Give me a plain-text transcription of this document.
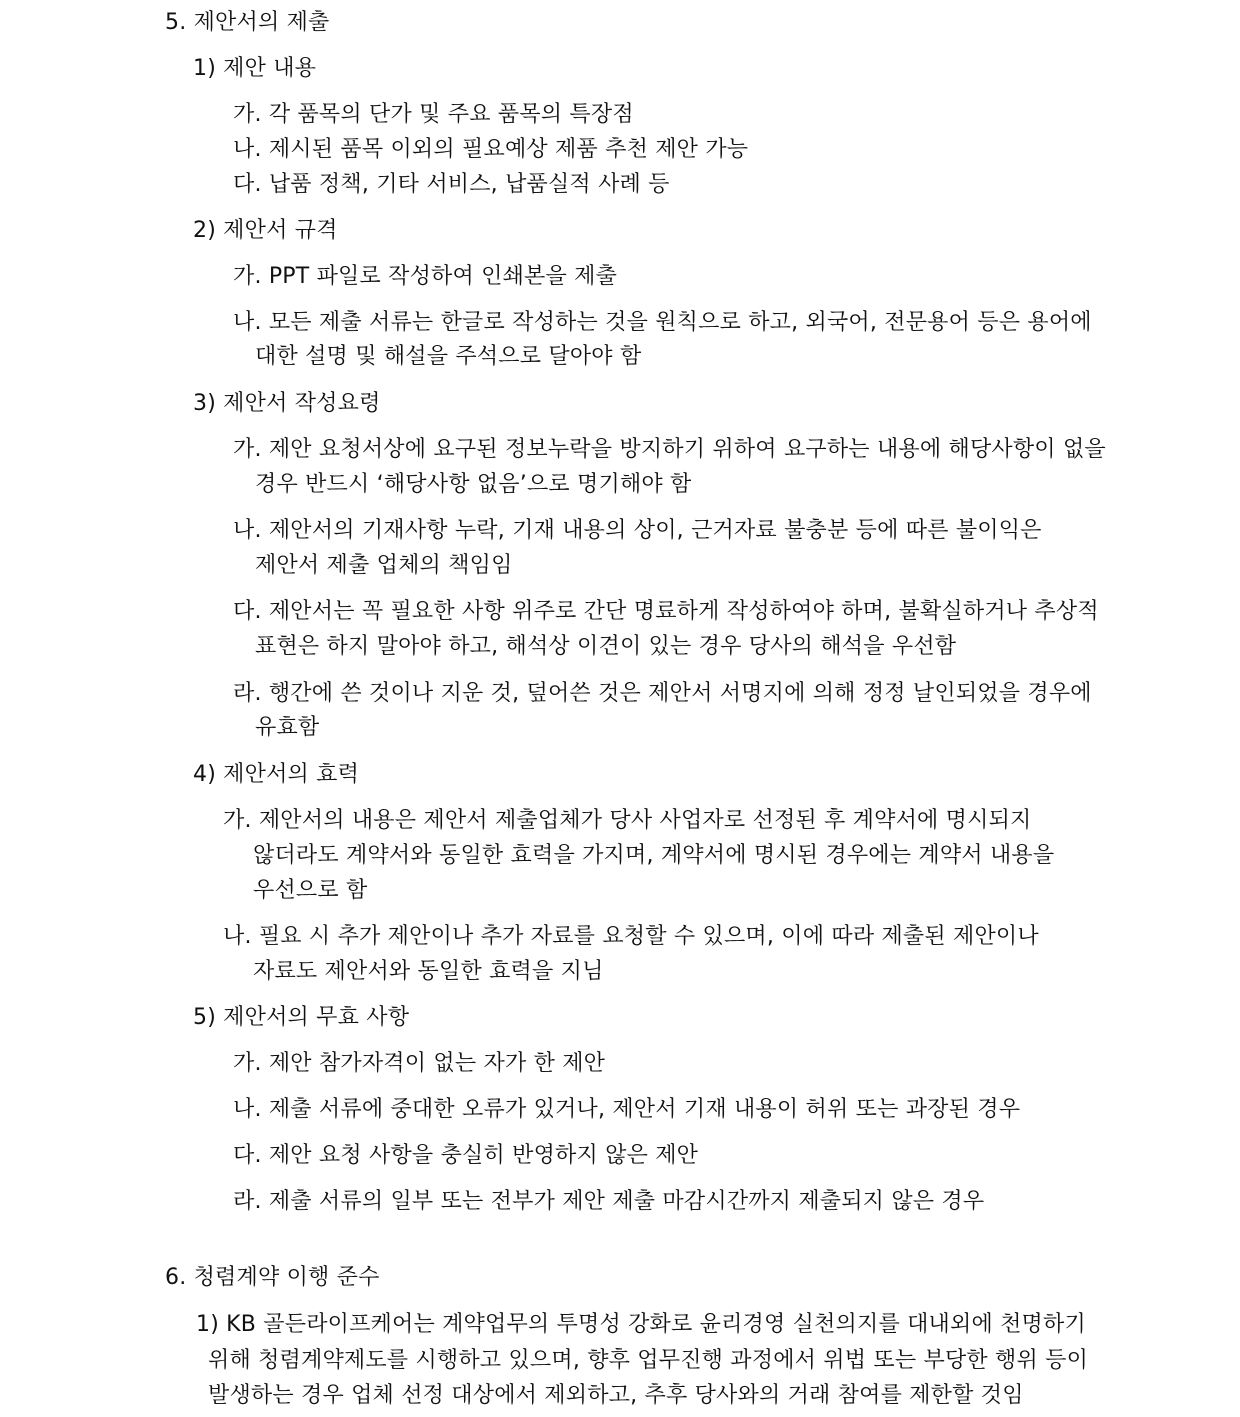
5. 제안서의 제출
1) 제안 내용
가. 각 품목의 단가 및 주요 품목의 특장점
나. 제시된 품목 이외의 필요예상 제품 추천 제안 가능
다. 납품 정책, 기타 서비스, 납품실적 사례 등
2) 제안서 규격
가. PPT 파일로 작성하여 인쇄본을 제출
나. 모든 제출 서류는 한글로 작성하는 것을 원칙으로 하고, 외국어, 전문용어 등은 용어에
대한 설명 및 해설을 주석으로 달아야 함
3) 제안서 작성요령
가. 제안 요청서상에 요구된 정보누락을 방지하기 위하여 요구하는 내용에 해당사항이 없을
경우 반드시 ‘해당사항 없음’으로 명기해야 함
나. 제안서의 기재사항 누락, 기재 내용의 상이, 근거자료 불충분 등에 따른 불이익은
제안서 제출 업체의 책임임
다. 제안서는 꼭 필요한 사항 위주로 간단 명료하게 작성하여야 하며, 불확실하거나 추상적
표현은 하지 말아야 하고, 해석상 이견이 있는 경우 당사의 해석을 우선함
라. 행간에 쓴 것이나 지운 것, 덮어쓴 것은 제안서 서명지에 의해 정정 날인되었을 경우에
유효함
4) 제안서의 효력
가. 제안서의 내용은 제안서 제출업체가 당사 사업자로 선정된 후 계약서에 명시되지
않더라도 계약서와 동일한 효력을 가지며, 계약서에 명시된 경우에는 계약서 내용을
우선으로 함
나. 필요 시 추가 제안이나 추가 자료를 요청할 수 있으며, 이에 따라 제출된 제안이나
자료도 제안서와 동일한 효력을 지님
5) 제안서의 무효 사항
가. 제안 참가자격이 없는 자가 한 제안
나. 제출 서류에 중대한 오류가 있거나, 제안서 기재 내용이 허위 또는 과장된 경우
다. 제안 요청 사항을 충실히 반영하지 않은 제안
라. 제출 서류의 일부 또는 전부가 제안 제출 마감시간까지 제출되지 않은 경우
6. 청렴계약 이행 준수
1) KB 골든라이프케어는 계약업무의 투명성 강화로 윤리경영 실천의지를 대내외에 천명하기
위해 청렴계약제도를 시행하고 있으며, 향후 업무진행 과정에서 위법 또는 부당한 행위 등이
발생하는 경우 업체 선정 대상에서 제외하고, 추후 당사와의 거래 참여를 제한할 것임
